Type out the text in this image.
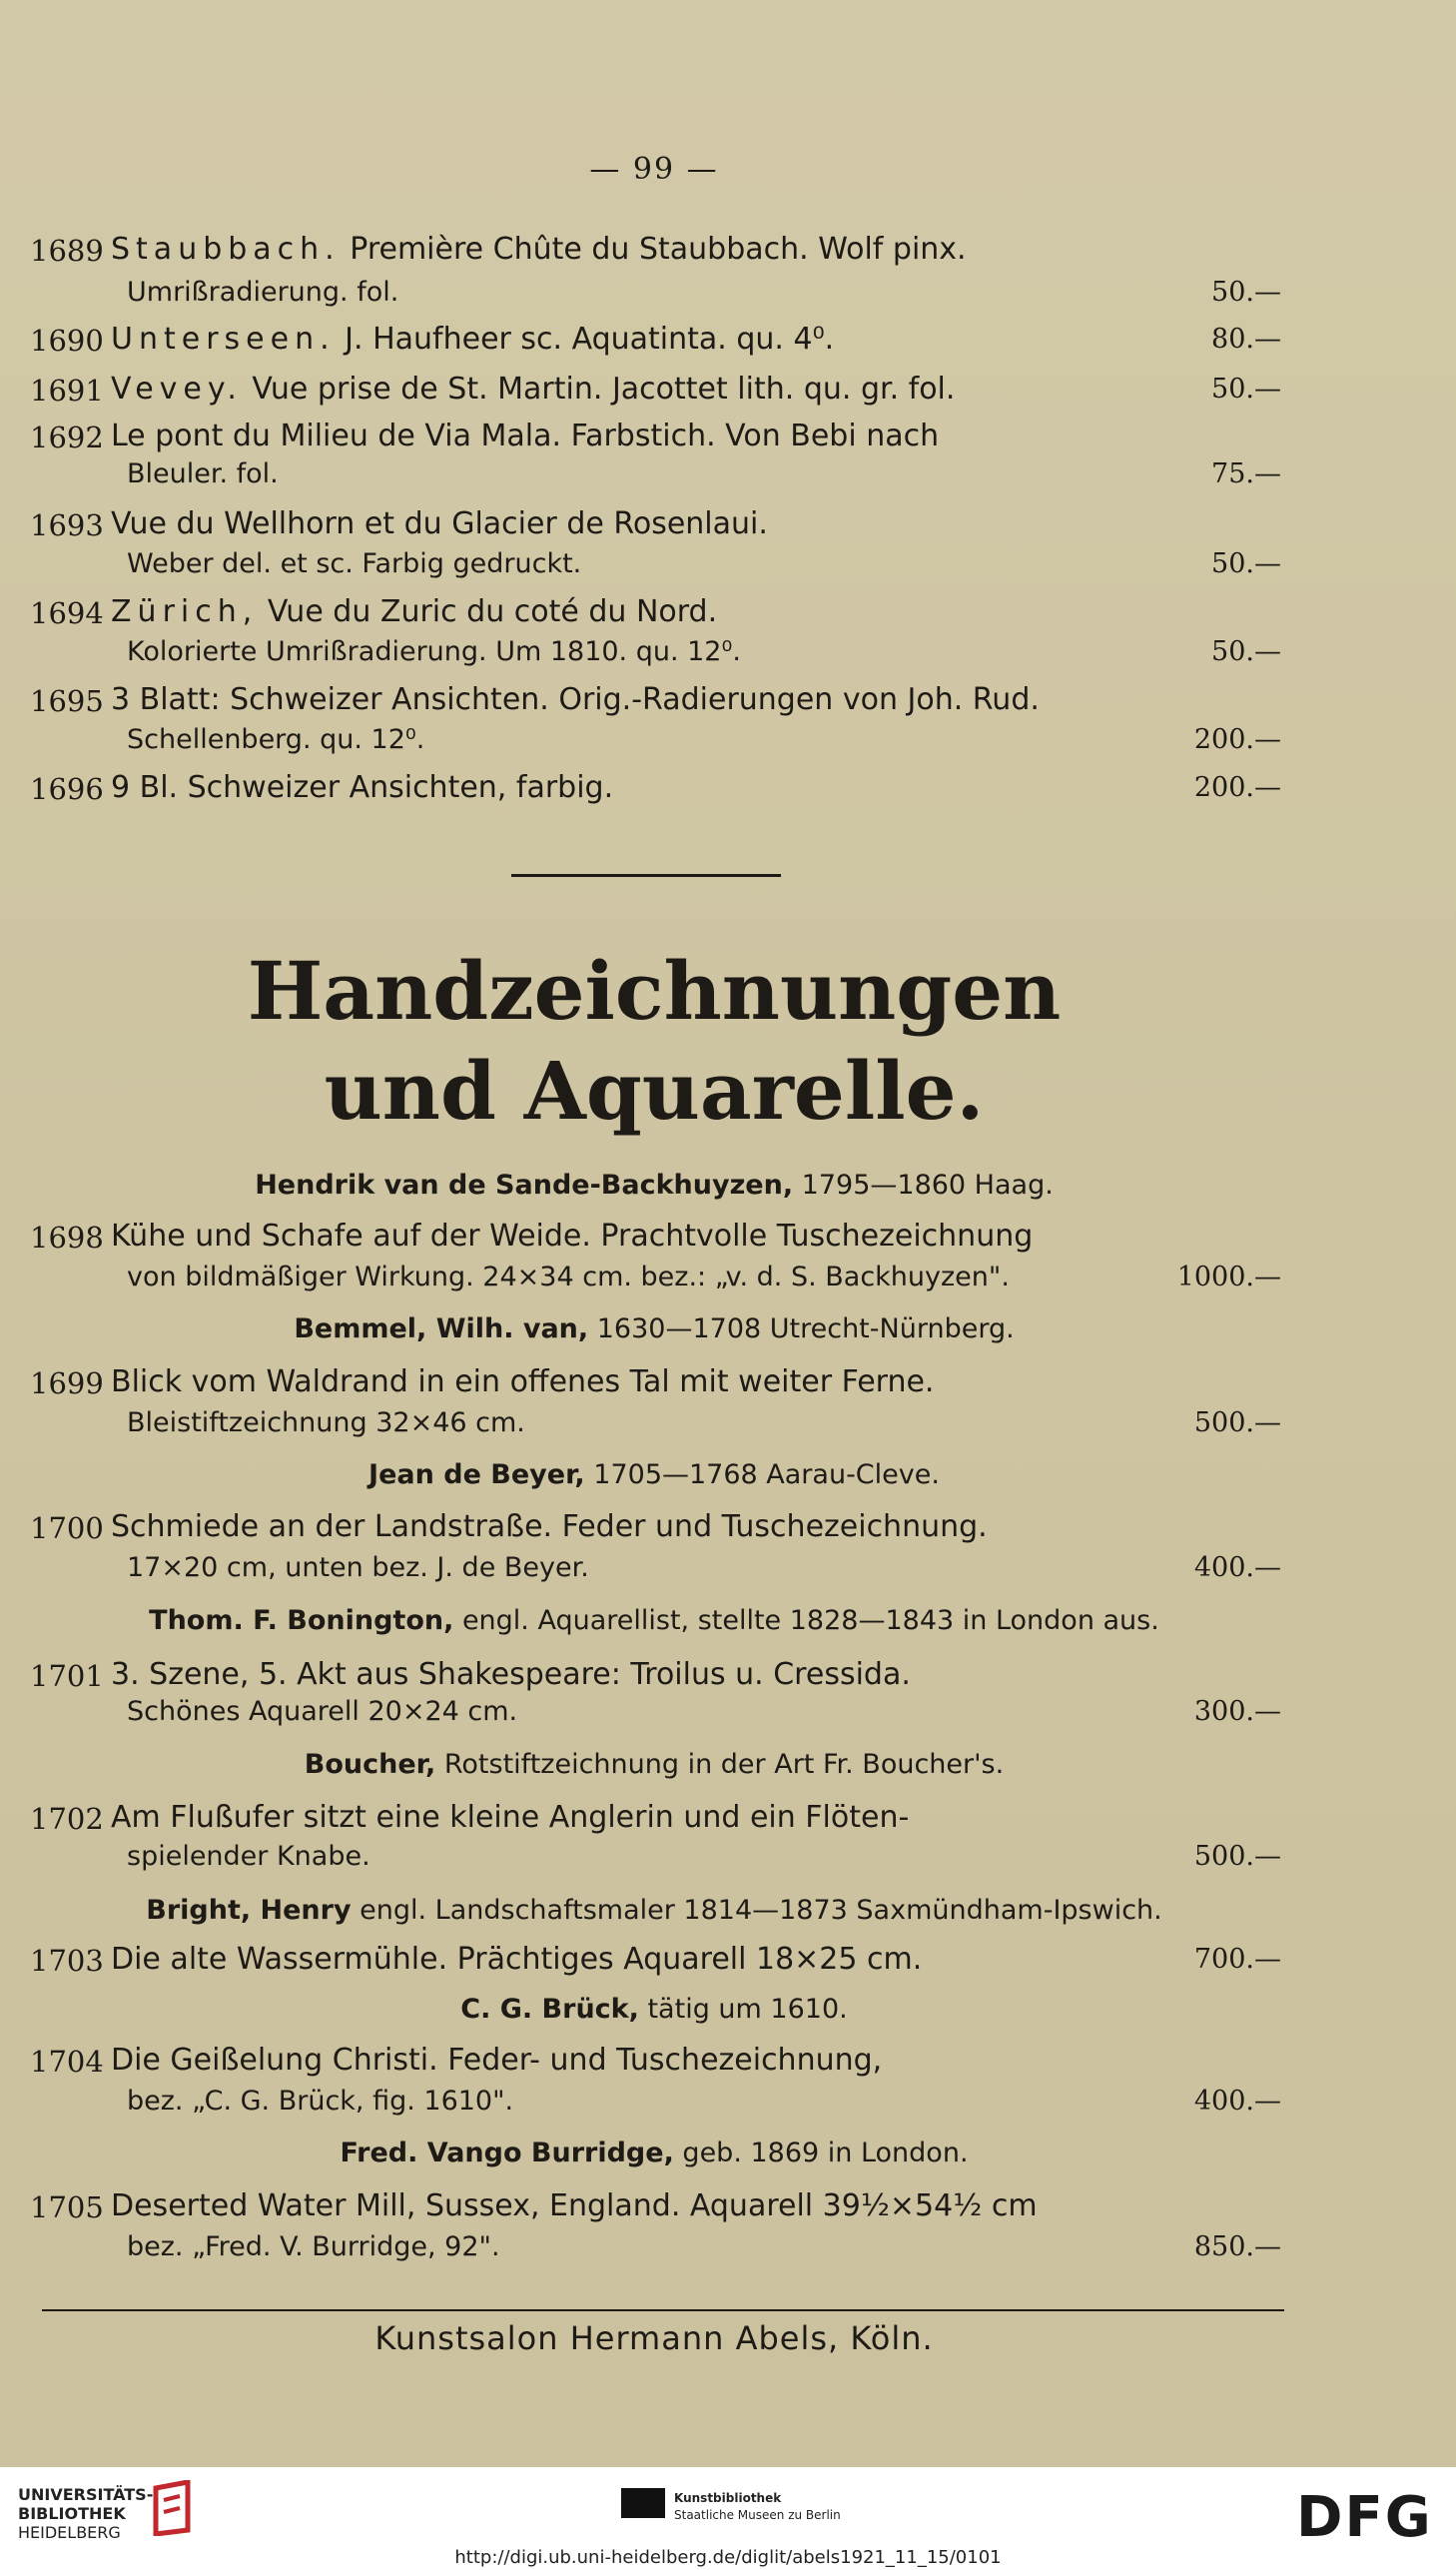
— 99 —
1689 Staubbach. Première Chûte du Staubbach. Wolf pinx.
Umrißradierung. fol.	50.—
1690 Unterseen. J. Haufheer sc. Aquatinta. qu. 4⁰.	80.—
1691 Vevey. Vue prise de St. Martin. Jacottet lith. qu. gr. fol.	50.—
1692 Le pont du Milieu de Via Mala. Farbstich. Von Bebi nach
Bleuler. fol.	75.—
1693 Vue du Wellhorn et du Glacier de Rosenlaui.
Weber del. et sc. Farbig gedruckt.	50.—
1694 Zürich, Vue du Zuric du coté du Nord.
Kolorierte Umrißradierung. Um 1810. qu. 12⁰.	50.—
1695 3 Blatt: Schweizer Ansichten. Orig.-Radierungen von Joh. Rud.
Schellenberg. qu. 12⁰.	200.—
1696 9 Bl. Schweizer Ansichten, farbig.	200.—
Handzeichnungen
und Aquarelle.
Hendrik van de Sande-Backhuyzen, 1795—1860 Haag.
1698 Kühe und Schafe auf der Weide. Prachtvolle Tuschezeichnung
von bildmäßiger Wirkung. 24×34 cm. bez.: „v. d. S. Backhuyzen".	1000.—
Bemmel, Wilh. van, 1630—1708 Utrecht-Nürnberg.
1699 Blick vom Waldrand in ein offenes Tal mit weiter Ferne.
Bleistiftzeichnung 32×46 cm.	500.—
Jean de Beyer, 1705—1768 Aarau-Cleve.
1700 Schmiede an der Landstraße. Feder und Tuschezeichnung.
17×20 cm, unten bez. J. de Beyer.	400.—
Thom. F. Bonington, engl. Aquarellist, stellte 1828—1843 in London aus.
1701 3. Szene, 5. Akt aus Shakespeare: Troilus u. Cressida.
Schönes Aquarell 20×24 cm.	300.—
Boucher, Rotstiftzeichnung in der Art Fr. Boucher's.
1702 Am Flußufer sitzt eine kleine Anglerin und ein Flöten-
spielender Knabe.	500.—
Bright, Henry engl. Landschaftsmaler 1814—1873 Saxmündham-Ipswich.
1703 Die alte Wassermühle. Prächtiges Aquarell 18×25 cm.	700.—
C. G. Brück, tätig um 1610.
1704 Die Geißelung Christi. Feder- und Tuschezeichnung,
bez. „C. G. Brück, fig. 1610".	400.—
Fred. Vango Burridge, geb. 1869 in London.
1705 Deserted Water Mill, Sussex, England. Aquarell 39½×54½ cm
bez. „Fred. V. Burridge, 92".	850.—
Kunstsalon Hermann Abels, Köln.
UNIVERSITÄTS-
BIBLIOTHEK
HEIDELBERG
Kunstbibliothek
Staatliche Museen zu Berlin	DFG
http://digi.ub.uni-heidelberg.de/diglit/abels1921_11_15/0101
